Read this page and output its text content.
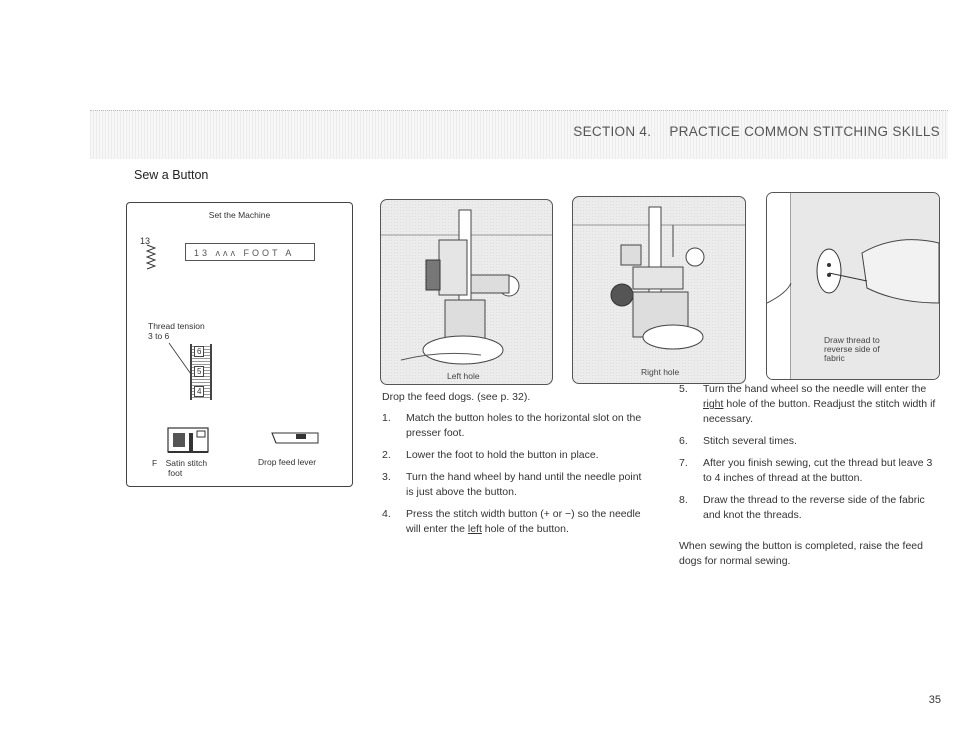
SECTION 4. PRACTICE COMMON STITCHING SKILLS
Sew a Button
Set the Machine
13
13 ʌʌʌ FOOT A
Thread tension
3 to 6
6
5
4
F Satin stitch
foot
Drop feed lever
Left hole	Right hole
Draw thread to
reverse side of
fabric
Drop the feed dogs. (see p. 32).
1. Match the button holes to the horizontal slot on the presser foot.
2. Lower the foot to hold the button in place.
3. Turn the hand wheel by hand until the needle point is just above the button.
4. Press the stitch width button (+ or −) so the needle will enter the left hole of the button.
5. Turn the hand wheel so the needle will enter the right hole of the button. Readjust the stitch width if necessary.
6. Stitch several times.
7. After you finish sewing, cut the thread but leave 3 to 4 inches of thread at the button.
8. Draw the thread to the reverse side of the fabric and knot the threads.
When sewing the button is completed, raise the feed dogs for normal sewing.
35
